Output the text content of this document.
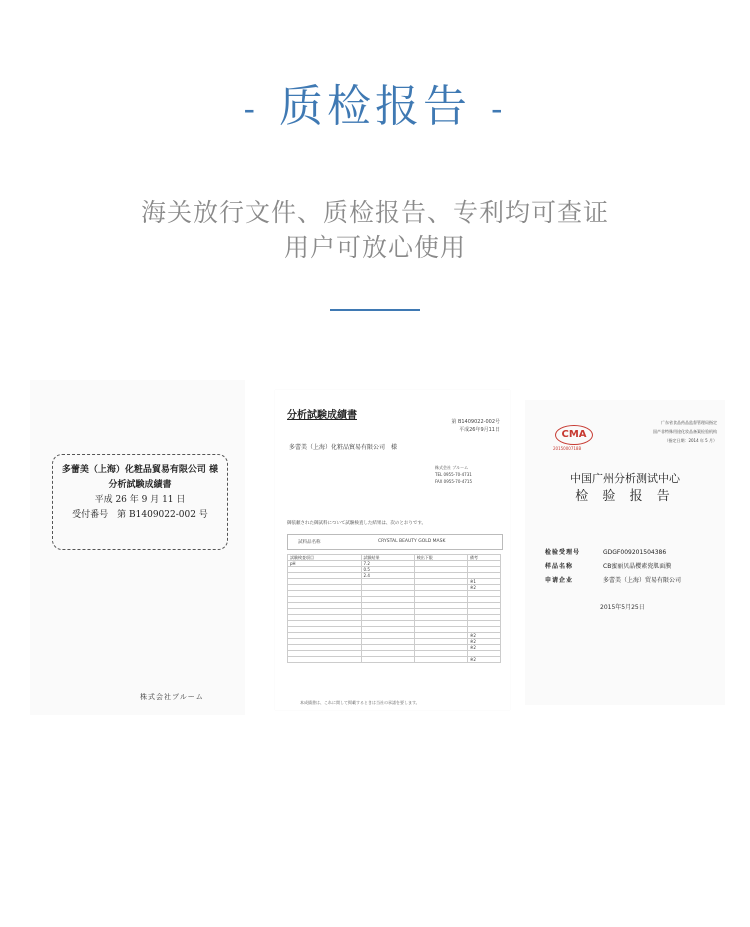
- 质检报告 -
海关放行文件、质检报告、专利均可查证
用户可放心使用
多蕾美（上海）化粧品貿易有限公司 様
分析試験成績書
平成 26 年 9 月 11 日
受付番号　第 B1409022-002 号
株式会社ブルーム
分析試験成績書
第 B1409022-002号
平成26年9月11日
多蕾美（上海）化粧品貿易有限公司　様
株式会社 ブルーム
TEL 0955-70-4731
FAX 0955-70-4715
御依頼された御試料について試験検査した結果は、次のとおりです。
試料品名称	CRYSTAL BEAUTY GOLD MASK
試験検査項目	試験結果	検出下限	備考
pH	7.2		
	0.5		
	2.4		
			※1
			※2

			※2
			※2
			※2

			※2
本成績書は、これに関して掲載するときは当社の承諾を要します。
CMA
2015000718B
广东省食品药品监督管理局指定
国产非特殊用途化妆品备案检验机构
（指定日期：2014 年 5 月）
中国广州分析测试中心
检 验 报 告
检验受理号	GDGF009201504386
样品名称	CB蜜丽贝晶樱素瓷肌面膜
申请企业	多蕾美（上海）贸易有限公司
2015年5月25日
